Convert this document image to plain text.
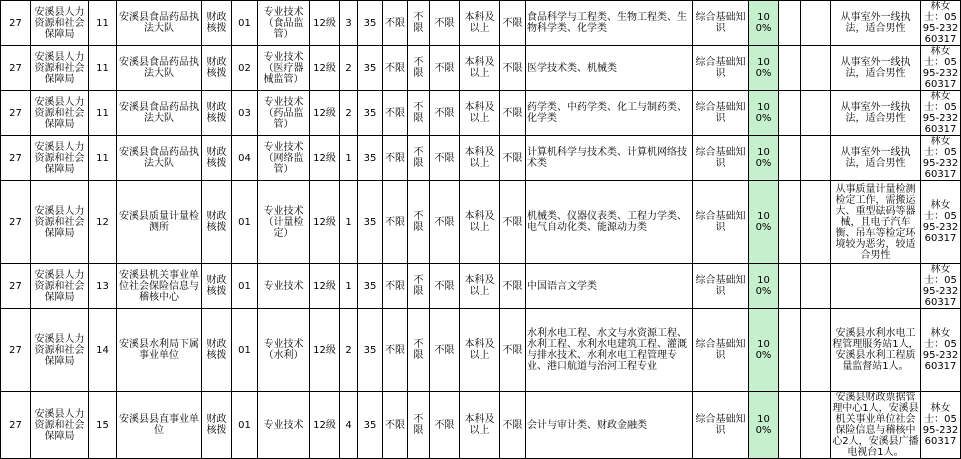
27	安溪县人力资源和社会保障局	11	安溪县食品药品执法大队	财政核拨	01	专业技术（食品监管）	12级	3	35	不限	不限	不限	本科及以上	不限	食品科学与工程类、生物工程类、生物科学类、化学类	综合基础知识	100%			从事室外一线执法，适合男性	林女士：0595-23260317
27	安溪县人力资源和社会保障局	11	安溪县食品药品执法大队	财政核拨	02	专业技术（医疗器械监管）	12级	2	35	不限	不限	不限	本科及以上	不限	医学技术类、机械类	综合基础知识	100%			从事室外一线执法，适合男性	林女士：0595-23260317
27	安溪县人力资源和社会保障局	11	安溪县食品药品执法大队	财政核拨	03	专业技术（药品监管）	12级	2	35	不限	不限	不限	本科及以上	不限	药学类、中药学类、化工与制药类、化学类	综合基础知识	100%			从事室外一线执法，适合男性	林女士：0595-23260317
27	安溪县人力资源和社会保障局	11	安溪县食品药品执法大队	财政核拨	04	专业技术（网络监管）	12级	1	35	不限	不限	不限	本科及以上	不限	计算机科学与技术类、计算机网络技术类	综合基础知识	100%			从事室外一线执法，适合男性	林女士：0595-23260317
27	安溪县人力资源和社会保障局	12	安溪县质量计量检测所	财政核拨	01	专业技术（计量检定）	12级	1	35	不限	不限	不限	本科及以上	不限	机械类、仪器仪表类、工程力学类、电气自动化类、能源动力类	综合基础知识	100%			从事质量计量检测检定工作，需搬运大、重型砝码等器械，且电子汽车衡、吊车等检定环境较为恶劣，较适合男性	林女士：0595-23260317
27	安溪县人力资源和社会保障局	13	安溪县机关事业单位社会保险信息与稽核中心	财政核拨	01	专业技术	12级	1	35	不限	不限	不限	本科及以上	不限	中国语言文学类	综合基础知识	100%				林女士：0595-23260317
27	安溪县人力资源和社会保障局	14	安溪县水利局下属事业单位	财政核拨	01	专业技术（水利）	12级	2	35	不限	不限	不限	本科及以上	不限	水利水电工程、水文与水资源工程、水利工程、水利水电建筑工程、灌溉与排水技术、水利水电工程管理专业、港口航道与治河工程专业	综合基础知识	100%			安溪县水利水电工程管理服务站1人，安溪县水利工程质量监督站1人。	林女士：0595-23260317
27	安溪县人力资源和社会保障局	15	安溪县县直事业单位	财政核拨	01	专业技术	12级	4	35	不限	不限	不限	本科及以上	不限	会计与审计类、财政金融类	综合基础知识	100%			安溪县财政票据管理中心1人，安溪县机关事业单位社会保险信息与稽核中心2人，安溪县广播电视台1人。	林女士：0595-23260317
